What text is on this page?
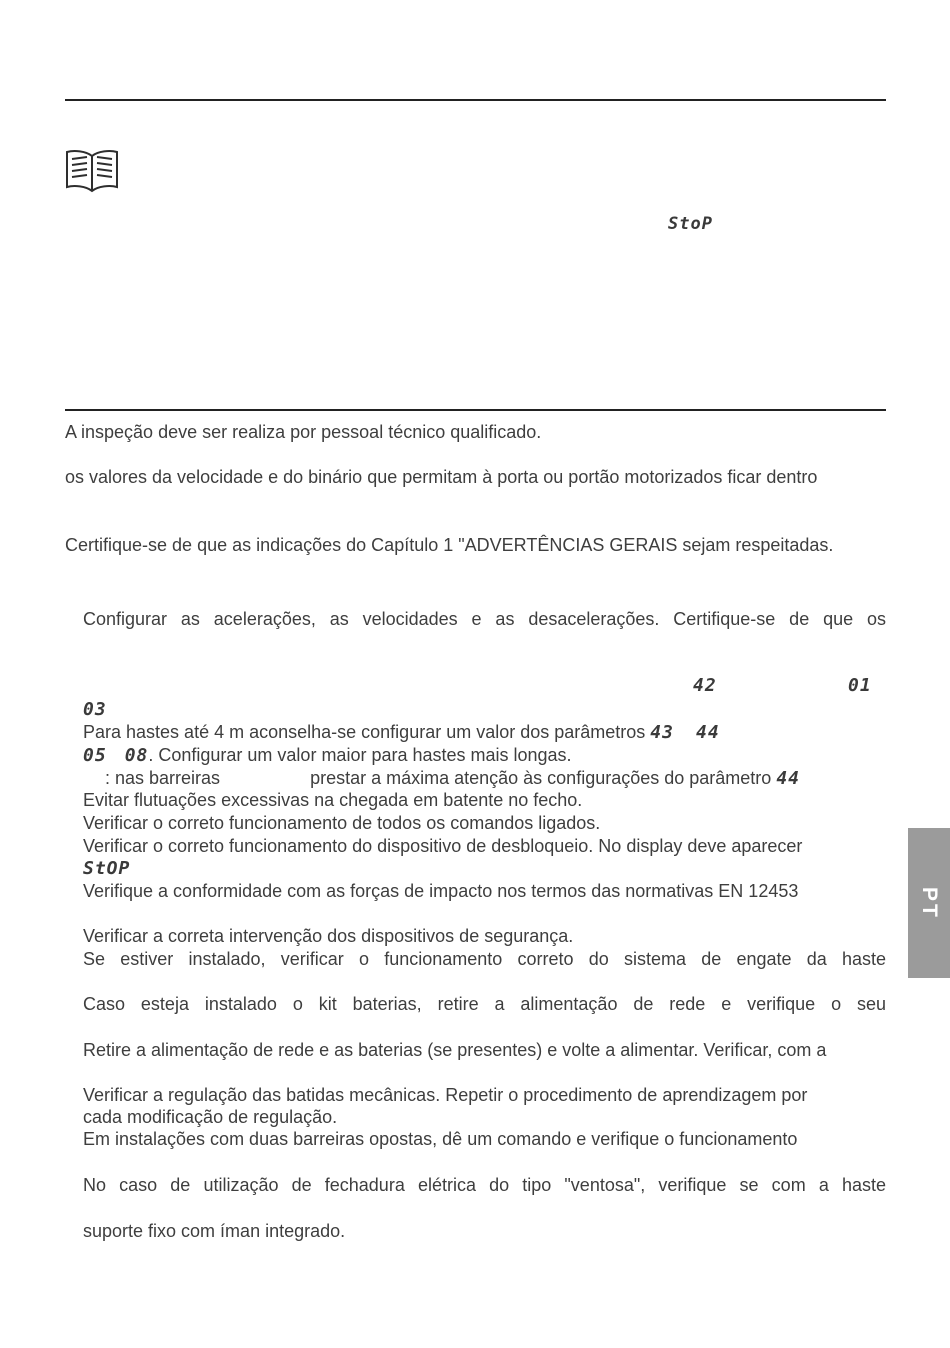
StoP
A inspeção deve ser realiza por pessoal técnico qualificado.
os valores da velocidade e do binário que permitam à porta ou portão motorizados ficar dentro
Certifique-se de que as indicações do Capítulo 1 "ADVERTÊNCIAS GERAIS sejam respeitadas.
Configurar as acelerações, as velocidades e as desacelerações. Certifique-se de que os
42	01
03
Para hastes até 4 m aconselha-se configurar um valor dos parâmetros 43 44
05 08. Configurar um valor maior para hastes mais longas.
: nas barreiras	prestar a máxima atenção às configurações do parâmetro 44
Evitar flutuações excessivas na chegada em batente no fecho.
Verificar o correto funcionamento de todos os comandos ligados.
Verificar o correto funcionamento do dispositivo de desbloqueio. No display deve aparecer
StOP
Verifique a conformidade com as forças de impacto nos termos das normativas EN 12453
Verificar a correta intervenção dos dispositivos de segurança.
Se estiver instalado, verificar o funcionamento correto do sistema de engate da haste
Caso esteja instalado o kit baterias, retire a alimentação de rede e verifique o seu
Retire a alimentação de rede e as baterias (se presentes) e volte a alimentar. Verificar, com a
Verificar a regulação das batidas mecânicas. Repetir o procedimento de aprendizagem por
cada modificação de regulação.
Em instalações com duas barreiras opostas, dê um comando e verifique o funcionamento
No caso de utilização de fechadura elétrica do tipo "ventosa", verifique se com a haste
suporte fixo com íman integrado.
PT
